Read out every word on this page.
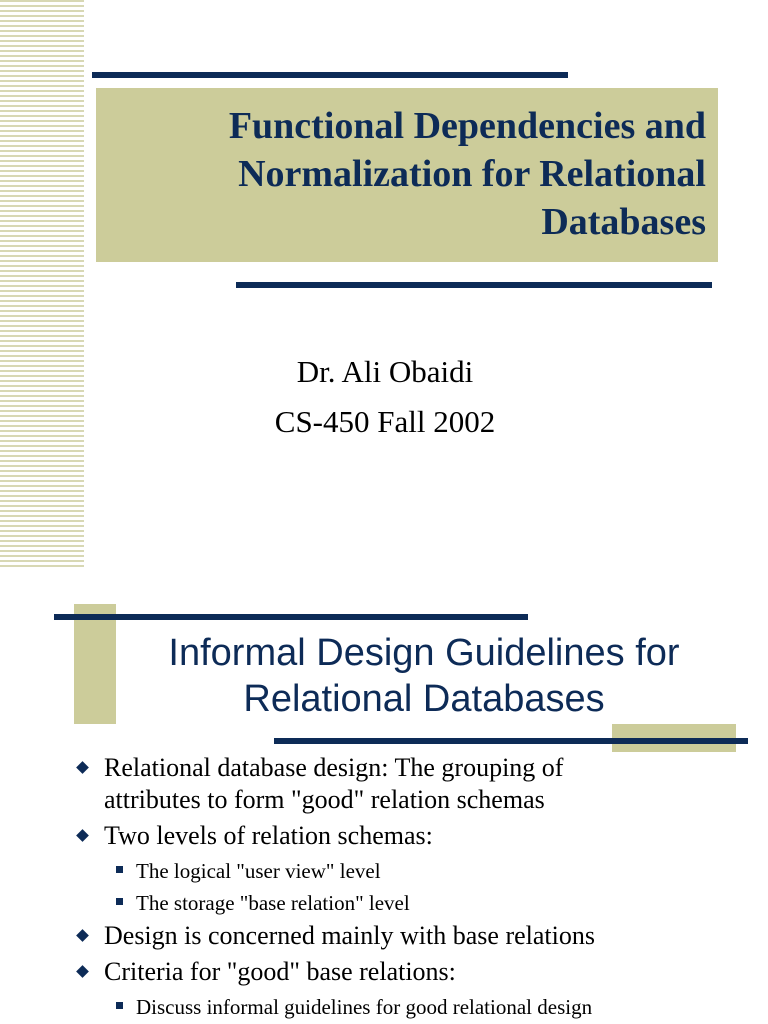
Functional Dependencies and
Normalization for Relational
Databases
Dr. Ali Obaidi
CS-450 Fall 2002
Informal Design Guidelines for
Relational Databases
Relational database design: The grouping of
attributes to form "good" relation schemas
Two levels of relation schemas:
The logical "user view" level
The storage "base relation" level
Design is concerned mainly with base relations
Criteria for "good" base relations:
Discuss informal guidelines for good relational design
